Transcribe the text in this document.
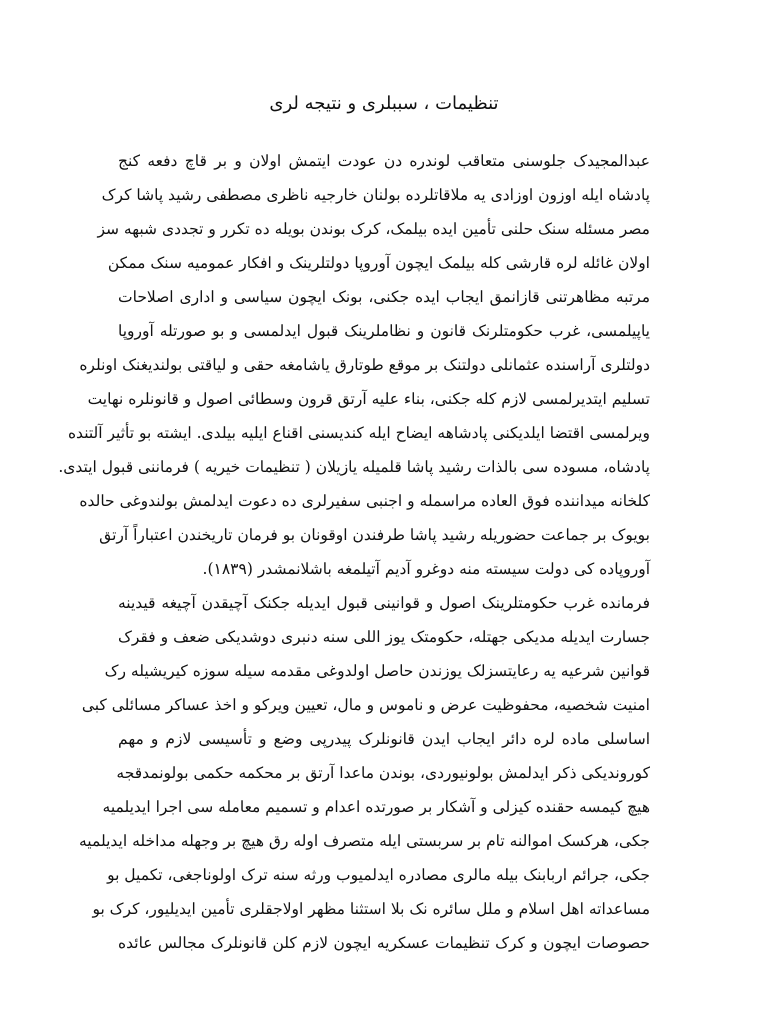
تنظیمات ، سببلری و نتیجه لری
عبدالمجیدک جلوسنی متعاقب لوندره دن عودت ایتمش اولان و بر قاچ دفعه کنج
پادشاه ایله اوزون اوزادی یه ملاقاتلرده بولنان خارجیه ناظری مصطفی رشید پاشا کرک
مصر مسئله سنک حلنی تأمین ایده بیلمک، کرک بوندن بویله ده تکرر و تجددی شبهه سز
اولان غائله لره قارشی کله بیلمک ایچون آوروپا دولتلرینک و افکار عمومیه سنک ممکن
مرتبه مظاهرتنی قازانمق ایجاب ایده جکنی، بونک ایچون سیاسی و اداری اصلاحات
یاپیلمسی، غرب حکومتلرنک قانون و نظاملرینک قبول ایدلمسی و بو صورتله آوروپا
دولتلری آراسنده عثمانلی دولتنک بر موقع طوتارق یاشامغه حقی و لیاقتی بولندیغنک اونلره
تسلیم ایتدیرلمسی لازم کله جکنی، بناء علیه آرتق قرون وسطائی اصول و قانونلره نهایت
ویرلمسی اقتضا ایلدیکنی پادشاهه ایضاح ایله کندیسنی اقناع ایلیه بیلدی. ایشته بو تأثیر آلتنده
پادشاه، مسوده سی بالذات رشید پاشا قلمیله یازیلان ( تنظیمات خیریه ) فرماننی قبول ایتدی.
کلخانه میداننده فوق العاده مراسمله و اجنبی سفیرلری ده دعوت ایدلمش بولندوغی حالده
بویوک بر جماعت حضوریله رشید پاشا طرفندن اوقونان بو فرمان تاریخندن اعتباراً آرتق
آوروپاده کی دولت سیسته منه دوغرو آدیم آتیلمغه باشلانمشدر (۱۸۳۹).
فرمانده غرب حکومتلرینک اصول و قوانینی قبول ایدیله جکنک آچیقدن آچیغه قیدینه
جسارت ایدیله مدیکی جهتله، حکومتک یوز اللی سنه دنبری دوشدیکی ضعف و فقرک
قوانین شرعیه یه رعایتسزلک یوزندن حاصل اولدوغی مقدمه سیله سوزه کیریشیله رک
امنیت شخصیه، محفوظیت عرض و ناموس و مال، تعیین ویرکو و اخذ عساکر مسائلی کبی
اساسلی ماده لره دائر ایجاب ایدن قانونلرک پیدرپی وضع و تأسیسی لازم و مهم
کوروندیکی ذکر ایدلمش بولونیوردی، بوندن ماعدا آرتق بر محکمه حکمی بولونمدقجه
هیچ کیمسه حقنده کیزلی و آشکار بر صورتده اعدام و تسمیم معامله سی اجرا ایدیلمیه
جکی، هرکسک اموالنه تام بر سربستی ایله متصرف اوله رق هیچ بر وجهله مداخله ایدیلمیه
جکی، جرائم اربابنک بیله مالری مصادره ایدلمیوب ورثه سنه ترک اولوناجغی، تکمیل بو
مساعداته اهل اسلام و ملل سائره نک بلا استثنا مظهر اولاجقلری تأمین ایدیلیور، کرک بو
حصوصات ایچون و کرک تنظیمات عسکریه ایچون لازم کلن قانونلرک مجالس عائده
